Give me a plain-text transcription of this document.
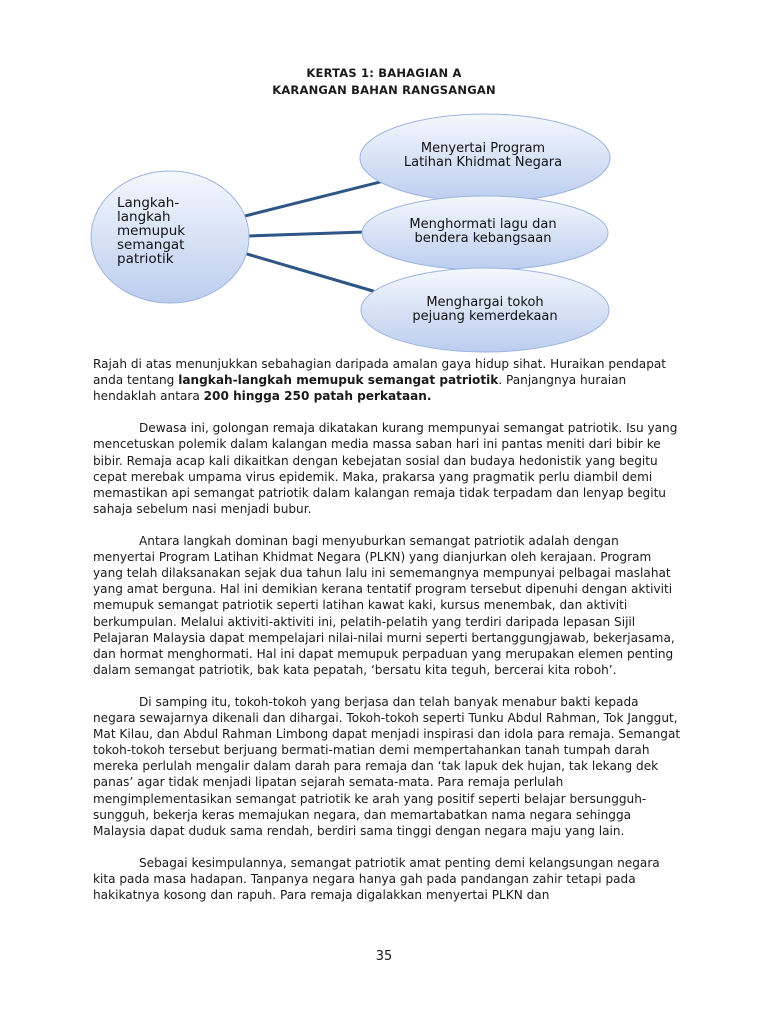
KERTAS 1: BAHAGIAN A
KARANGAN BAHAN RANGSANGAN
Langkah-
langkah
memupuk
semangat
patriotik
Menyertai Program
Latihan Khidmat Negara
Menghormati lagu dan
bendera kebangsaan
Menghargai tokoh
pejuang kemerdekaan

Rajah di atas menunjukkan sebahagian daripada amalan gaya hidup sihat. Huraikan pendapat anda tentang langkah-langkah memupuk semangat patriotik. Panjangnya huraian hendaklah antara 200 hingga 250 patah perkataan.

Dewasa ini, golongan remaja dikatakan kurang mempunyai semangat patriotik. Isu yang mencetuskan polemik dalam kalangan media massa saban hari ini pantas meniti dari bibir ke bibir. Remaja acap kali dikaitkan dengan kebejatan sosial dan budaya hedonistik yang begitu cepat merebak umpama virus epidemik. Maka, prakarsa yang pragmatik perlu diambil demi memastikan api semangat patriotik dalam kalangan remaja tidak terpadam dan lenyap begitu sahaja sebelum nasi menjadi bubur.

Antara langkah dominan bagi menyuburkan semangat patriotik adalah dengan menyertai Program Latihan Khidmat Negara (PLKN) yang dianjurkan oleh kerajaan. Program yang telah dilaksanakan sejak dua tahun lalu ini sememangnya mempunyai pelbagai maslahat yang amat berguna. Hal ini demikian kerana tentatif program tersebut dipenuhi dengan aktiviti memupuk semangat patriotik seperti latihan kawat kaki, kursus menembak, dan aktiviti berkumpulan. Melalui aktiviti-aktiviti ini, pelatih-pelatih yang terdiri daripada lepasan Sijil Pelajaran Malaysia dapat mempelajari nilai-nilai murni seperti bertanggungjawab, bekerjasama, dan hormat menghormati. Hal ini dapat memupuk perpaduan yang merupakan elemen penting dalam semangat patriotik, bak kata pepatah, ‘bersatu kita teguh, bercerai kita roboh’.

Di samping itu, tokoh-tokoh yang berjasa dan telah banyak menabur bakti kepada negara sewajarnya dikenali dan dihargai. Tokoh-tokoh seperti Tunku Abdul Rahman, Tok Janggut, Mat Kilau, dan Abdul Rahman Limbong dapat menjadi inspirasi dan idola para remaja. Semangat tokoh-tokoh tersebut berjuang bermati-matian demi mempertahankan tanah tumpah darah mereka perlulah mengalir dalam darah para remaja dan ‘tak lapuk dek hujan, tak lekang dek panas’ agar tidak menjadi lipatan sejarah semata-mata. Para remaja perlulah mengimplementasikan semangat patriotik ke arah yang positif seperti belajar bersungguh-sungguh, bekerja keras memajukan negara, dan memartabatkan nama negara sehingga Malaysia dapat duduk sama rendah, berdiri sama tinggi dengan negara maju yang lain.

Sebagai kesimpulannya, semangat patriotik amat penting demi kelangsungan negara kita pada masa hadapan. Tanpanya negara hanya gah pada pandangan zahir tetapi pada hakikatnya kosong dan rapuh. Para remaja digalakkan menyertai PLKN dan

35
